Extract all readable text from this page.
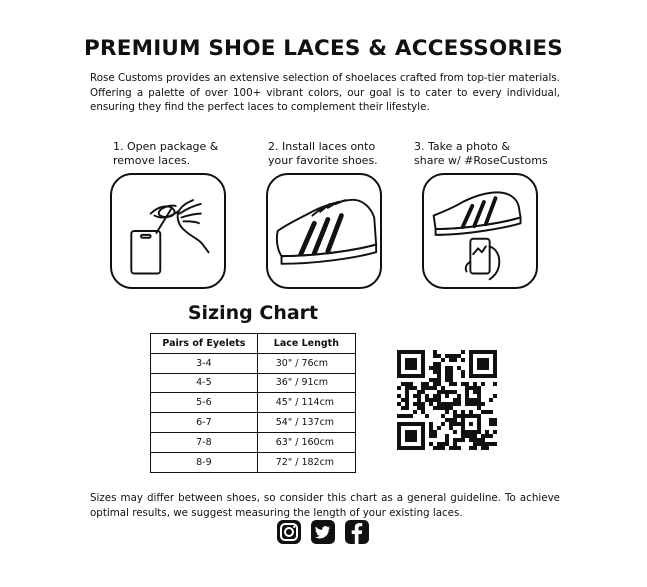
PREMIUM SHOE LACES & ACCESSORIES
Rose Customs provides an extensive selection of shoelaces crafted from top-tier materials. Offering a palette of over 100+ vibrant colors, our goal is to cater to every individual, ensuring they find the perfect laces to complement their lifestyle.
1. Open package &
remove laces.
2. Install laces onto
your favorite shoes.
3. Take a photo &
share w/ #RoseCustoms
Sizing Chart
Pairs of Eyelets	Lace Length
3-4	30" / 76cm
4-5	36" / 91cm
5-6	45" / 114cm
6-7	54" / 137cm
7-8	63" / 160cm
8-9	72" / 182cm
Sizes may differ between shoes, so consider this chart as a general guideline. To achieve optimal results, we suggest measuring the length of your existing laces.
